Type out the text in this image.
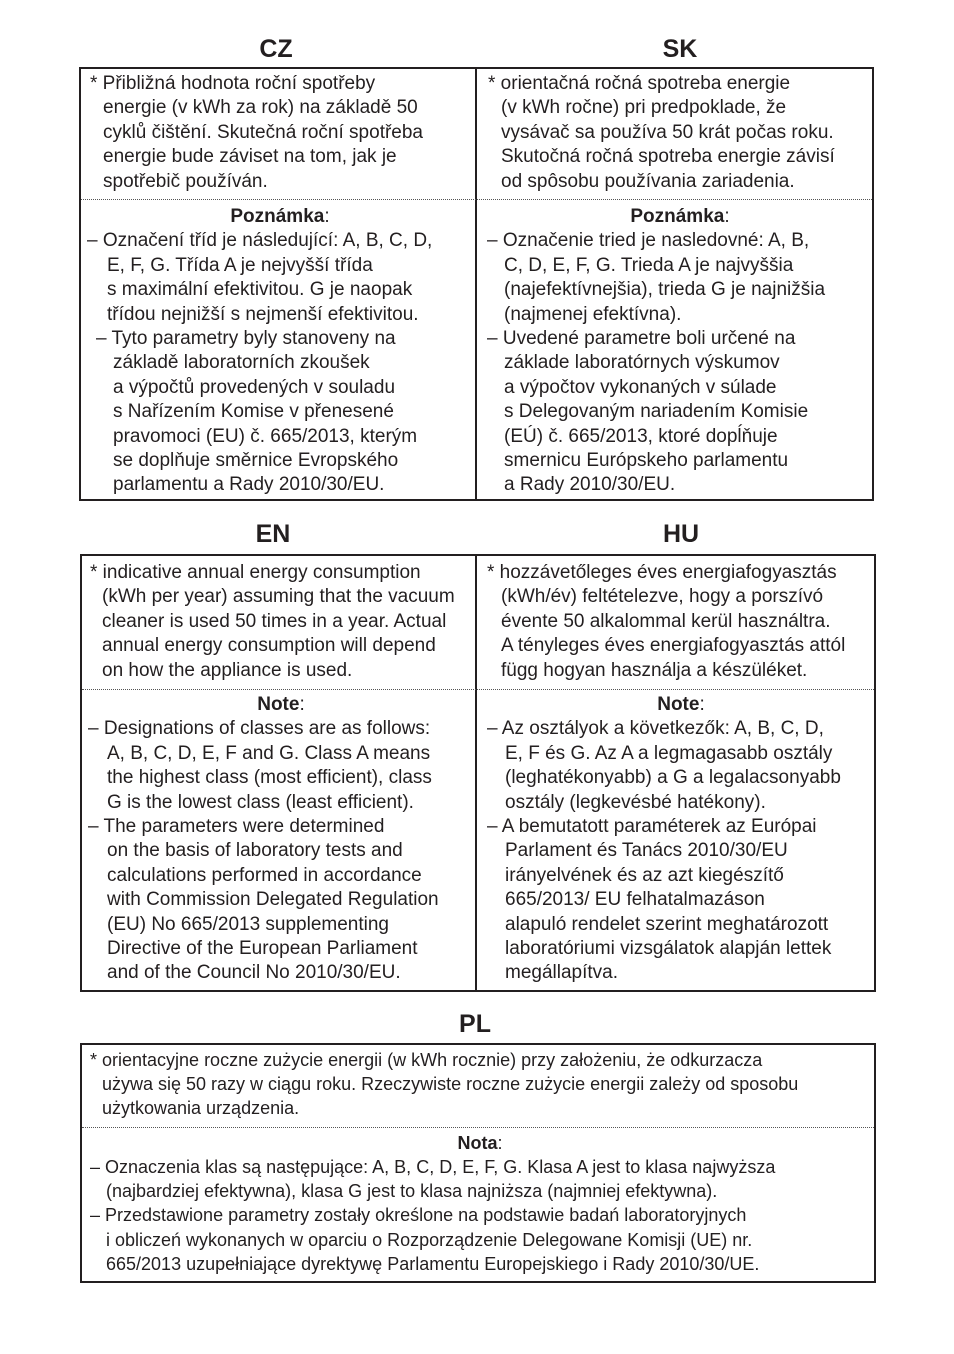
CZ	SK
* Přibližná hodnota roční spotřeby
energie (v kWh za rok) na základě 50
cyklů čištění. Skutečná roční spotřeba
energie bude záviset na tom, jak je
spotřebič používán.
* orientačná ročná spotreba energie
(v kWh ročne) pri predpoklade, že
vysávač sa používa 50 krát počas roku.
Skutočná ročná spotreba energie závisí
od spôsobu používania zariadenia.
Poznámka:
– Označení tříd je následující: A, B, C, D,
E, F, G. Třída A je nejvyšší třída
s maximální efektivitou. G je naopak
třídou nejnižší s nejmenší efektivitou.
– Tyto parametry byly stanoveny na
základě laboratorních zkoušek
a výpočtů provedených v souladu
s Nařízením Komise v přenesené
pravomoci (EU) č. 665/2013, kterým
se doplňuje směrnice Evropského
parlamentu a Rady 2010/30/EU.
Poznámka:
– Označenie tried je nasledovné: A, B,
C, D, E, F, G. Trieda A je najvyššia
(najefektívnejšia), trieda G je najnižšia
(najmenej efektívna).
– Uvedené parametre boli určené na
základe laboratórnych výskumov
a výpočtov vykonaných v súlade
s Delegovaným nariadením Komisie
(EÚ) č. 665/2013, ktoré dopĺňuje
smernicu Európskeho parlamentu
a Rady 2010/30/EU.
EN	HU
* indicative annual energy consumption
(kWh per year) assuming that the vacuum
cleaner is used 50 times in a year. Actual
annual energy consumption will depend
on how the appliance is used.
* hozzávetőleges éves energiafogyasztás
(kWh/év) feltételezve, hogy a porszívó
évente 50 alkalommal kerül használtra.
A tényleges éves energiafogyasztás attól
függ hogyan használja a készüléket.
Note:
– Designations of classes are as follows:
A, B, C, D, E, F and G. Class A means
the highest class (most efficient), class
G is the lowest class (least efficient).
– The parameters were determined
on the basis of laboratory tests and
calculations performed in accordance
with Commission Delegated Regulation
(EU) No 665/2013 supplementing
Directive of the European Parliament
and of the Council No 2010/30/EU.
Note:
– Az osztályok a következők: A, B, C, D,
E, F és G. Az A a legmagasabb osztály
(leghatékonyabb) a G a legalacsonyabb
osztály (legkevésbé hatékony).
– A bemutatott paraméterek az Európai
Parlament és Tanács 2010/30/EU
irányelvének és az azt kiegészítő
665/2013/ EU felhatalmazáson
alapuló rendelet szerint meghatározott
laboratóriumi vizsgálatok alapján lettek
megállapítva.
PL
* orientacyjne roczne zużycie energii (w kWh rocznie) przy założeniu, że odkurzacza
używa się 50 razy w ciągu roku. Rzeczywiste roczne zużycie energii zależy od sposobu
użytkowania urządzenia.
Nota:
– Oznaczenia klas są następujące: A, B, C, D, E, F, G. Klasa A jest to klasa najwyższa
(najbardziej efektywna), klasa G jest to klasa najniższa (najmniej efektywna).
– Przedstawione parametry zostały określone na podstawie badań laboratoryjnych
i obliczeń wykonanych w oparciu o Rozporządzenie Delegowane Komisji (UE) nr.
665/2013 uzupełniające dyrektywę Parlamentu Europejskiego i Rady 2010/30/UE.
